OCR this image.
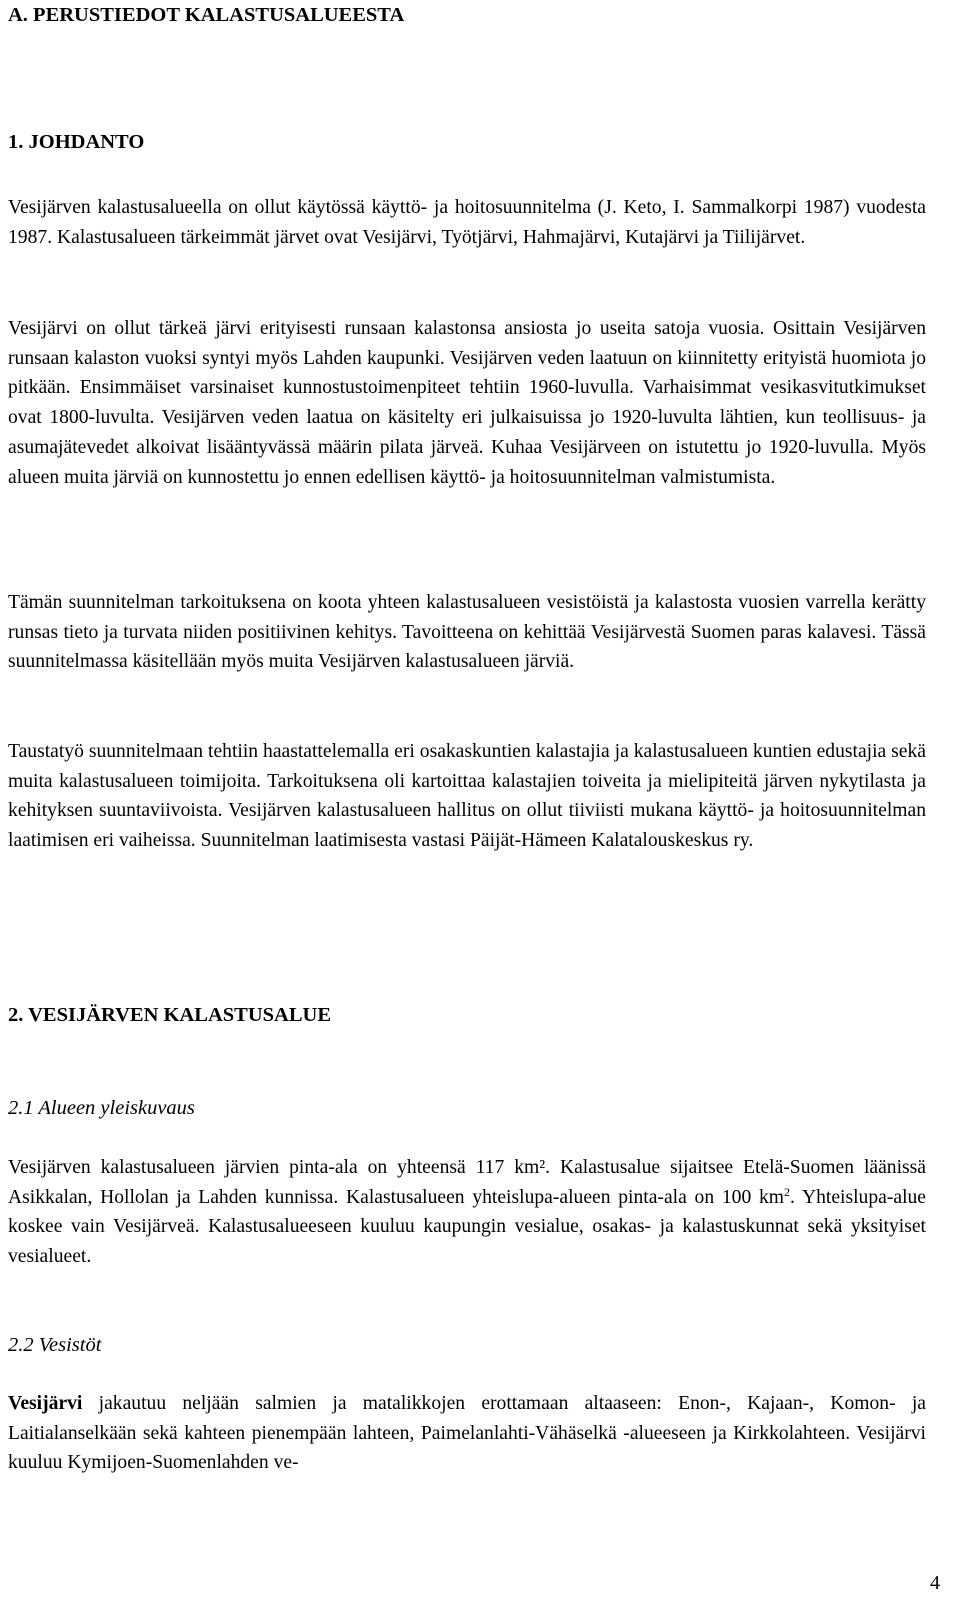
A. PERUSTIEDOT KALASTUSALUEESTA
1. JOHDANTO

Vesijärven kalastusalueella on ollut käytössä käyttö- ja hoitosuunnitelma (J. Keto, I. Sammalkorpi 1987) vuodesta 1987. Kalastusalueen tärkeimmät järvet ovat Vesijärvi, Työtjärvi, Hahmajärvi, Kutajärvi ja Tiilijärvet.

Vesijärvi on ollut tärkeä järvi erityisesti runsaan kalastonsa ansiosta jo useita satoja vuosia. Osittain Vesijärven runsaan kalaston vuoksi syntyi myös Lahden kaupunki. Vesijärven veden laatuun on kiinnitetty erityistä huomiota jo pitkään. Ensimmäiset varsinaiset kunnostustoimenpiteet tehtiin 1960-luvulla. Varhaisimmat vesikasvitutkimukset ovat 1800-luvulta. Vesijärven veden laatua on käsitelty eri julkaisuissa jo 1920-luvulta lähtien, kun teollisuus- ja asumajätevedet alkoivat lisääntyvässä määrin pilata järveä. Kuhaa Vesijärveen on istutettu jo 1920-luvulla. Myös alueen muita järviä on kunnostettu jo ennen edellisen käyttö- ja hoitosuunnitelman valmistumista.

Tämän suunnitelman tarkoituksena on koota yhteen kalastusalueen vesistöistä ja kalastosta vuosien varrella kerätty runsas tieto ja turvata niiden positiivinen kehitys. Tavoitteena on kehittää Vesijärvestä Suomen paras kalavesi. Tässä suunnitelmassa käsitellään myös muita Vesijärven kalastusalueen järviä.

Taustatyö suunnitelmaan tehtiin haastattelemalla eri osakaskuntien kalastajia ja kalastusalueen kuntien edustajia sekä muita kalastusalueen toimijoita. Tarkoituksena oli kartoittaa kalastajien toiveita ja mielipiteitä järven nykytilasta ja kehityksen suuntaviivoista. Vesijärven kalastusalueen hallitus on ollut tiiviisti mukana käyttö- ja hoitosuunnitelman laatimisen eri vaiheissa. Suunnitelman laatimisesta vastasi Päijät-Hämeen Kalatalouskeskus ry.

2. VESIJÄRVEN KALASTUSALUE
2.1 Alueen yleiskuvaus

Vesijärven kalastusalueen järvien pinta-ala on yhteensä 117 km². Kalastusalue sijaitsee Etelä-Suomen läänissä Asikkalan, Hollolan ja Lahden kunnissa. Kalastusalueen yhteislupa-alueen pinta-ala on 100 $km^2$. Yhteislupa-alue koskee vain Vesijärveä. Kalastusalueeseen kuuluu kaupungin vesialue, osakas- ja kalastuskunnat sekä yksityiset vesialueet.

2.2 Vesistöt

Vesijärvi jakautuu neljään salmien ja matalikkojen erottamaan altaaseen: Enon-, Kajaan-, Komon- ja Laitialanselkään sekä kahteen pienempään lahteen, Paimelanlahti-Vähäselkä -alueeseen ja Kirkkolahteen. Vesijärvi kuuluu Kymijoen-Suomenlahden ve-

4
